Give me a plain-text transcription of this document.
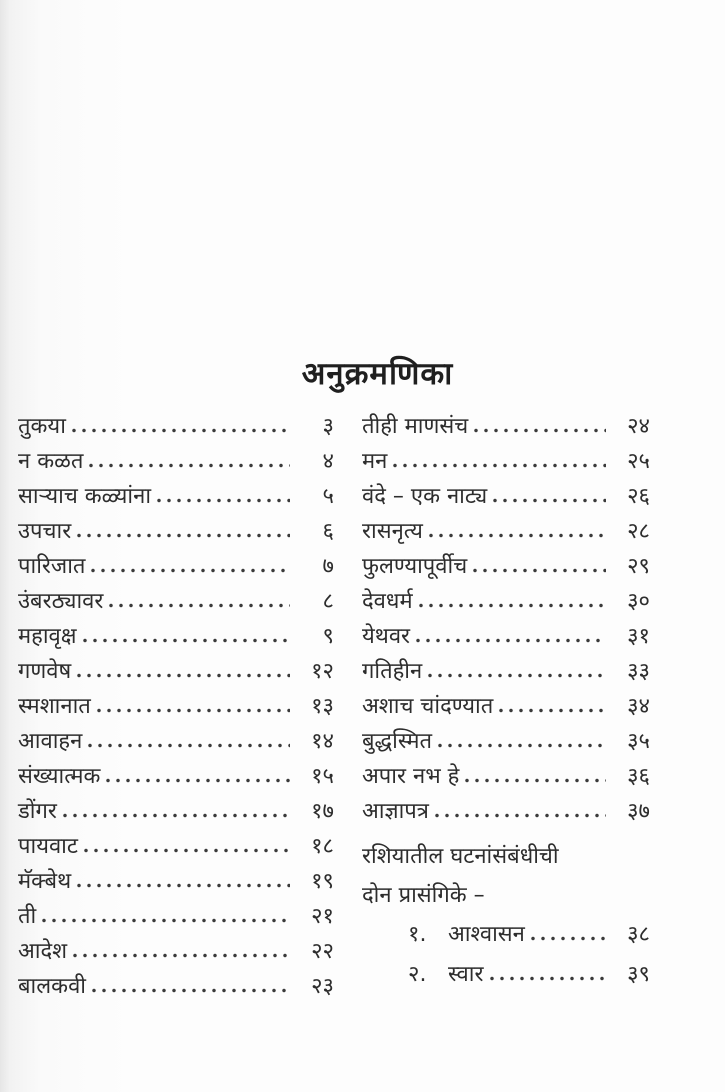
अनुक्रमणिका
तुकया	३
न कळत	४
साऱ्याच कळ्यांना	५
उपचार	६
पारिजात	७
उंबरठ्यावर	८
महावृक्ष	९
गणवेष	१२
स्मशानात	१३
आवाहन	१४
संख्यात्मक	१५
डोंगर	१७
पायवाट	१८
मॅक्बेथ	१९
ती	२१
आदेश	२२
बालकवी	२३
तीही माणसंच	२४
मन	२५
वंदे – एक नाट्य	२६
रासनृत्य	२८
फुलण्यापूर्वीच	२९
देवधर्म	३०
येथवर	३१
गतिहीन	३३
अशाच चांदण्यात	३४
बुद्धस्मित	३५
अपार नभ हे	३६
आज्ञापत्र	३७
रशियातील घटनांसंबंधीची
दोन प्रासंगिके –
१. आश्वासन	३८
२. स्वार	३९
